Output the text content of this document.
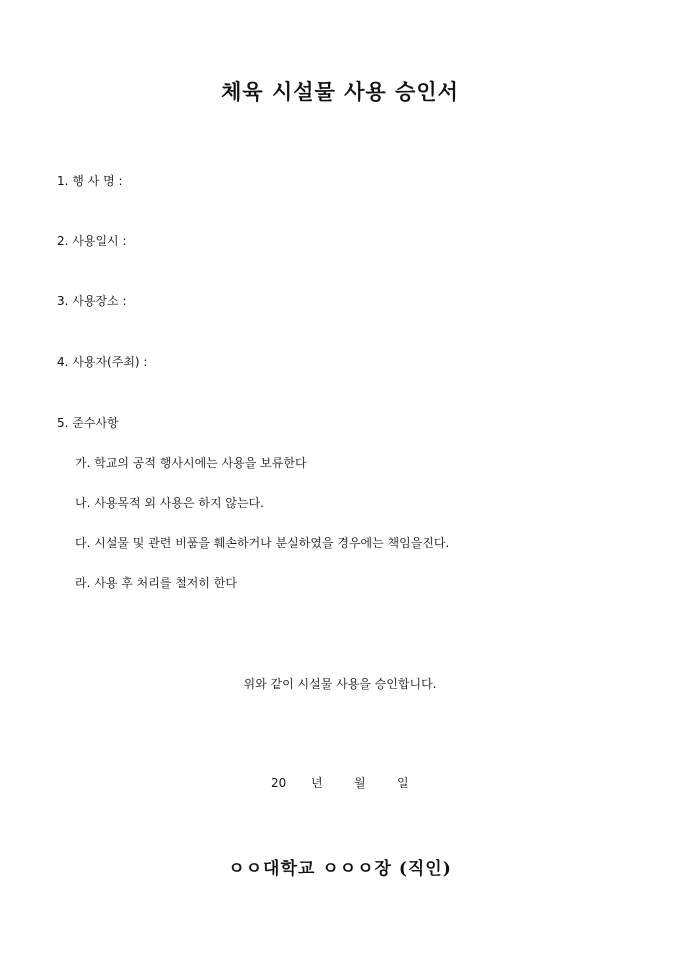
체육 시설물 사용 승인서
1. 행 사 명 :
2. 사용일시 :
3. 사용장소 :
4. 사용자(주최) :
5. 준수사항
가. 학교의 공적 행사시에는 사용을 보류한다
나. 사용목적 외 사용은 하지 않는다.
다. 시설물 및 관련 비품을 훼손하거나 분실하였을 경우에는 책임을진다.
라. 사용 후 처리를 철저히 한다
위와 같이 시설물 사용을 승인합니다.
20 년	월	일
ㅇㅇ대학교 ㅇㅇㅇ장 (직인)
